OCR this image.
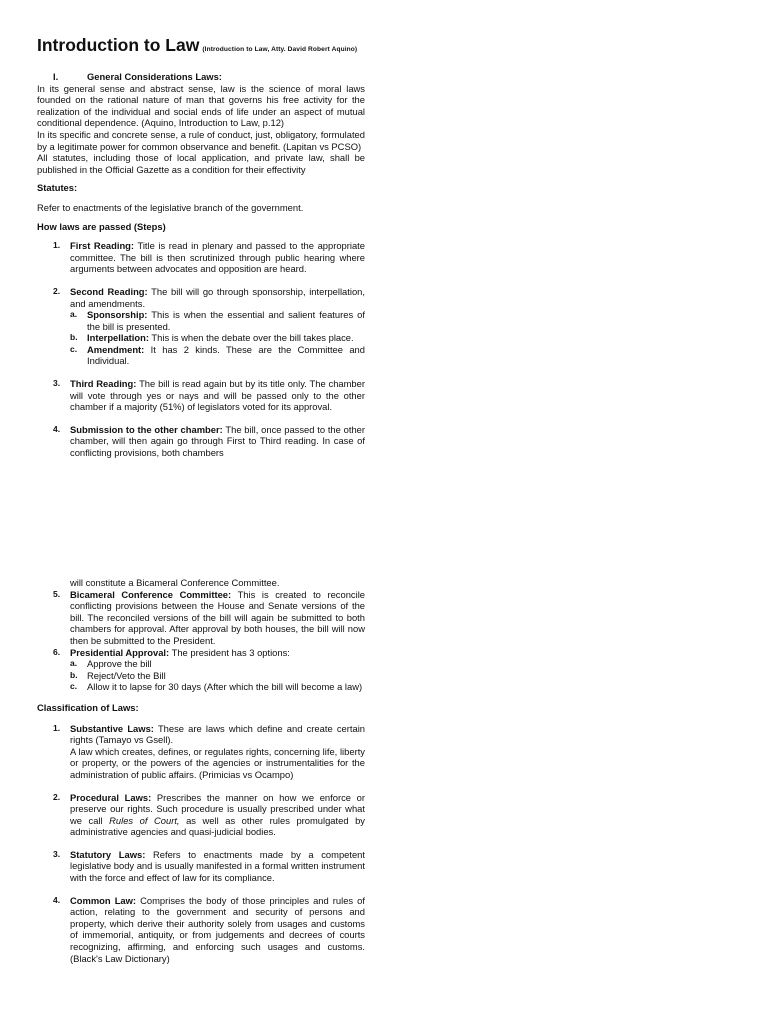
Introduction to Law (Introduction to Law, Atty. David Robert Aquino)
I.	General Considerations Laws:

In its general sense and abstract sense, law is the science of moral laws founded on the rational nature of man that governs his free activity for the realization of the individual and social ends of life under an aspect of mutual conditional dependence. (Aquino, Introduction to Law, p.12)

In its specific and concrete sense, a rule of conduct, just, obligatory, formulated by a legitimate power for common observance and benefit. (Lapitan vs PCSO)

All statutes, including those of local application, and private law, shall be published in the Official Gazette as a condition for their effectivity

Statutes:

Refer to enactments of the legislative branch of the government.

How laws are passed (Steps)

1. First Reading: Title is read in plenary and passed to the appropriate committee. The bill is then scrutinized through public hearing where arguments between advocates and opposition are heard.
2. Second Reading: The bill will go through sponsorship, interpellation, and amendments.
a. Sponsorship: This is when the essential and salient features of the bill is presented.
b. Interpellation: This is when the debate over the bill takes place.
c. Amendment: It has 2 kinds. These are the Committee and Individual.
3. Third Reading: The bill is read again but by its title only. The chamber will vote through yes or nays and will be passed only to the other chamber if a majority (51%) of legislators voted for its approval.
4. Submission to the other chamber: The bill, once passed to the other chamber, will then again go through First to Third reading. In case of conflicting provisions, both chambers
will constitute a Bicameral Conference Committee.
5. Bicameral Conference Committee: This is created to reconcile conflicting provisions between the House and Senate versions of the bill. The reconciled versions of the bill will again be submitted to both chambers for approval. After approval by both houses, the bill will now then be submitted to the President.
6. Presidential Approval: The president has 3 options:
a. Approve the bill
b. Reject/Veto the Bill
c. Allow it to lapse for 30 days (After which the bill will become a law)

Classification of Laws:

1. Substantive Laws: These are laws which define and create certain rights (Tamayo vs Gsell).
A law which creates, defines, or regulates rights, concerning life, liberty or property, or the powers of the agencies or instrumentalities for the administration of public affairs. (Primicias vs Ocampo)
2. Procedural Laws: Prescribes the manner on how we enforce or preserve our rights. Such procedure is usually prescribed under what we call Rules of Court, as well as other rules promulgated by administrative agencies and quasi-judicial bodies.
3. Statutory Laws: Refers to enactments made by a competent legislative body and is usually manifested in a formal written instrument with the force and effect of law for its compliance.
4. Common Law: Comprises the body of those principles and rules of action, relating to the government and security of persons and property, which derive their authority solely from usages and customs of immemorial, antiquity, or from judgements and decrees of courts recognizing, affirming, and enforcing such usages and customs. (Black's Law Dictionary)
